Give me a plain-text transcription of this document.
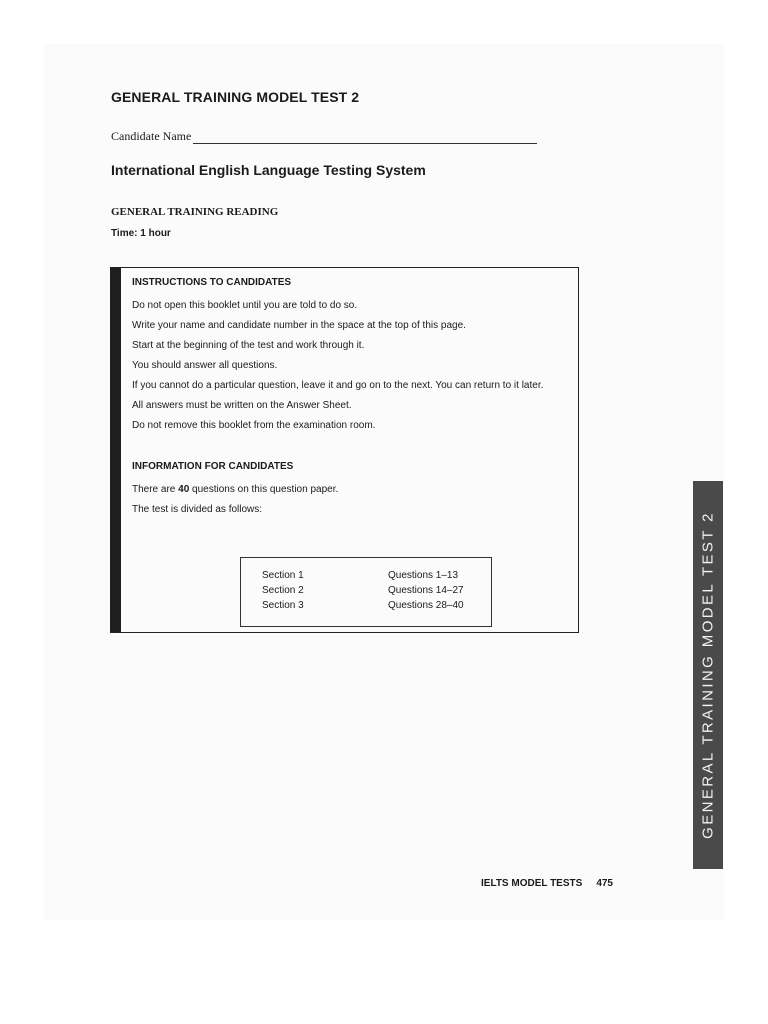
GENERAL TRAINING MODEL TEST 2
Candidate Name
International English Language Testing System
GENERAL TRAINING READING
Time: 1 hour
INSTRUCTIONS TO CANDIDATES
Do not open this booklet until you are told to do so.
Write your name and candidate number in the space at the top of this page.
Start at the beginning of the test and work through it.
You should answer all questions.
If you cannot do a particular question, leave it and go on to the next. You can return to it later.
All answers must be written on the Answer Sheet.
Do not remove this booklet from the examination room.
INFORMATION FOR CANDIDATES
There are 40 questions on this question paper.
The test is divided as follows:
Section 1	Questions 1–13
Section 2	Questions 14–27
Section 3	Questions 28–40	GENERAL TRAINING MODEL TEST 2
IELTS MODEL TESTS 475
